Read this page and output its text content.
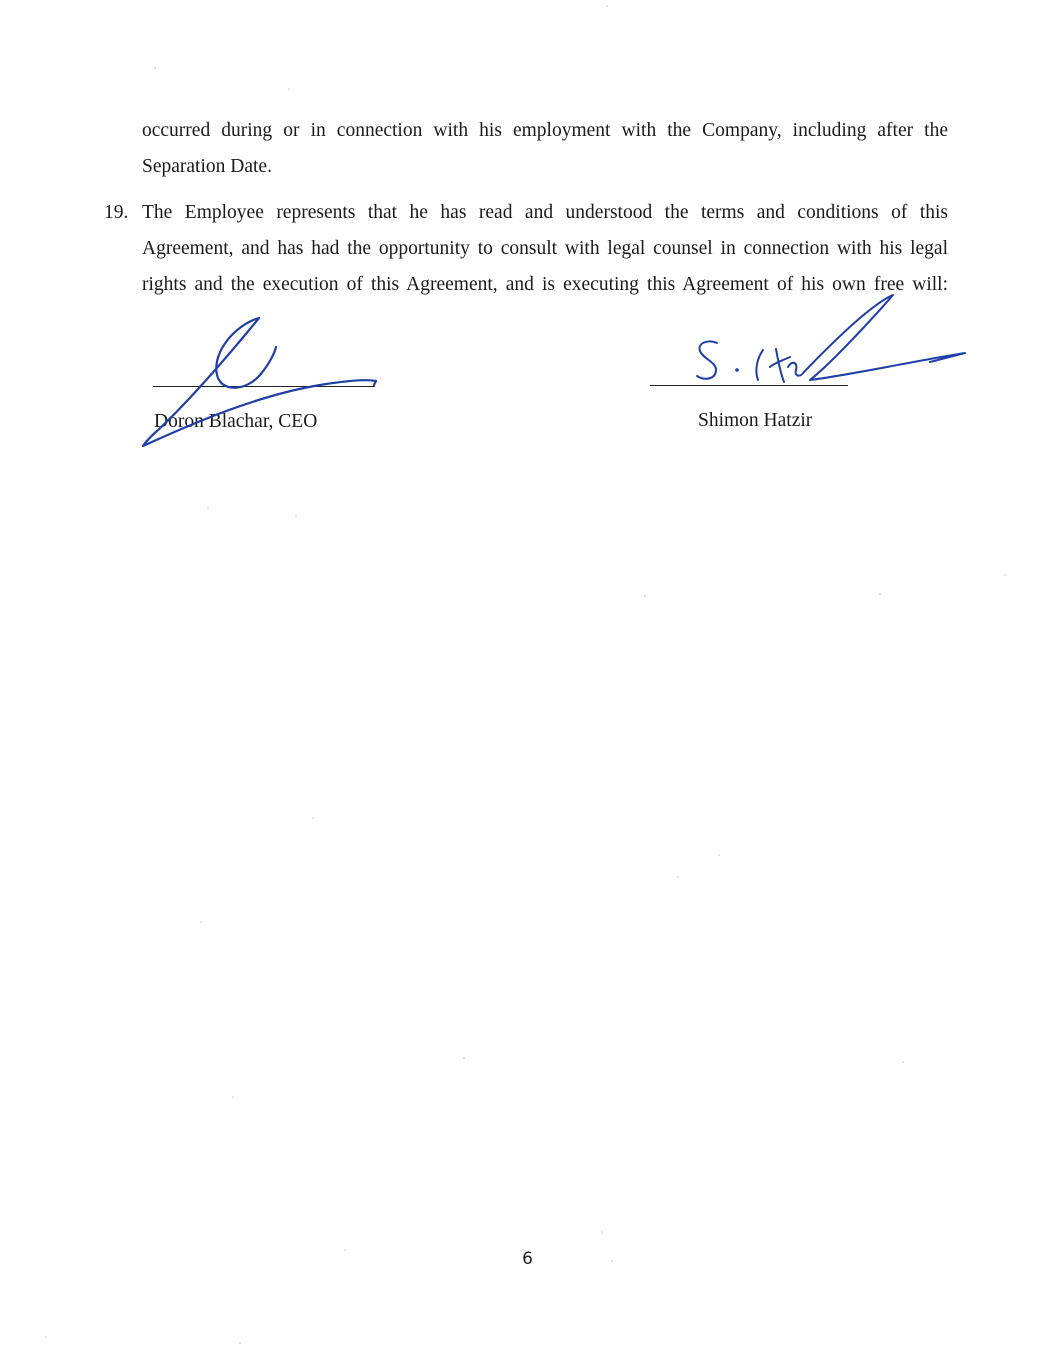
occurred during or in connection with his employment with the Company, including after the
Separation Date.

19. The Employee represents that he has read and understood the terms and conditions of this
Agreement, and has had the opportunity to consult with legal counsel in connection with his legal
rights and the execution of this Agreement, and is executing this Agreement of his own free will:

Doron Blachar, CEO	Shimon Hatzir
6
